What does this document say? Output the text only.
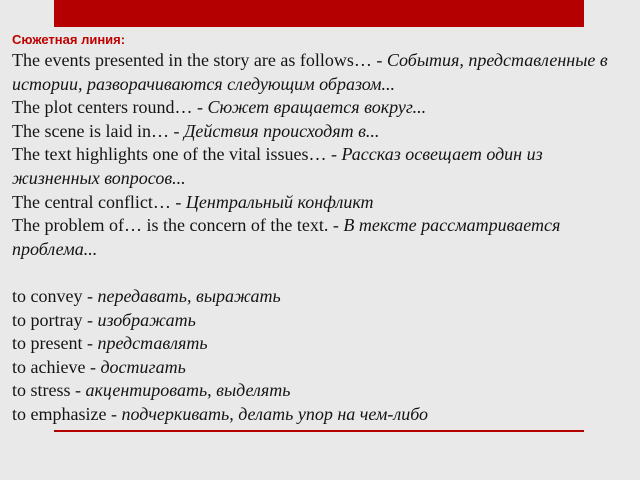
Сюжетная линия:
The events presented in the story are as follows… - События, представленные в истории, разворачиваются следующим образом...
The plot centers round… - Сюжет вращается вокруг...
The scene is laid in… - Действия происходят в...
The text highlights one of the vital issues… - Рассказ освещает один из жизненных вопросов...
The central conflict… - Центральный конфликт
The problem of… is the concern of the text. - В тексте рассматривается проблема...
to convey - передавать, выражать
to portray - изображать
to present - представлять
to achieve - достигать
to stress - акцентировать, выделять
to emphasize - подчеркивать, делать упор на чем-либо
